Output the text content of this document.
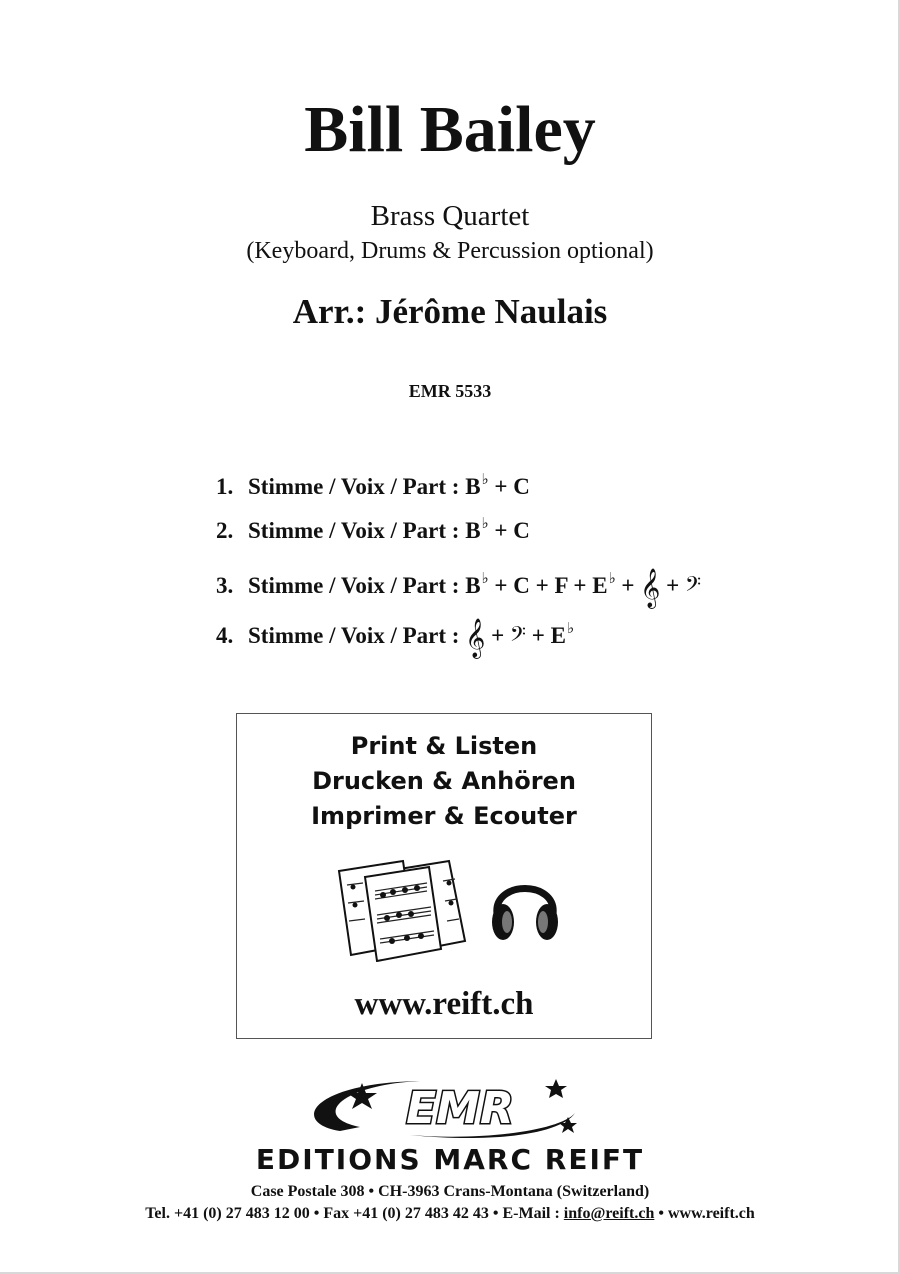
Bill Bailey
Brass Quartet
(Keyboard, Drums & Percussion optional)
Arr.: Jérôme Naulais
EMR 5533
1. Stimme / Voix / Part : B♭ + C
2. Stimme / Voix / Part : B♭ + C
3. Stimme / Voix / Part : B♭ + C + F + E♭ + 𝄞 + 𝄢
4. Stimme / Voix / Part : 𝄞 + 𝄢 + E♭
Print & Listen
Drucken & Anhören
Imprimer & Ecouter
www.reift.ch
EMR
EDITIONS MARC REIFT
Case Postale 308 • CH-3963 Crans-Montana (Switzerland)
Tel. +41 (0) 27 483 12 00 • Fax +41 (0) 27 483 42 43 • E-Mail : info@reift.ch • www.reift.ch
